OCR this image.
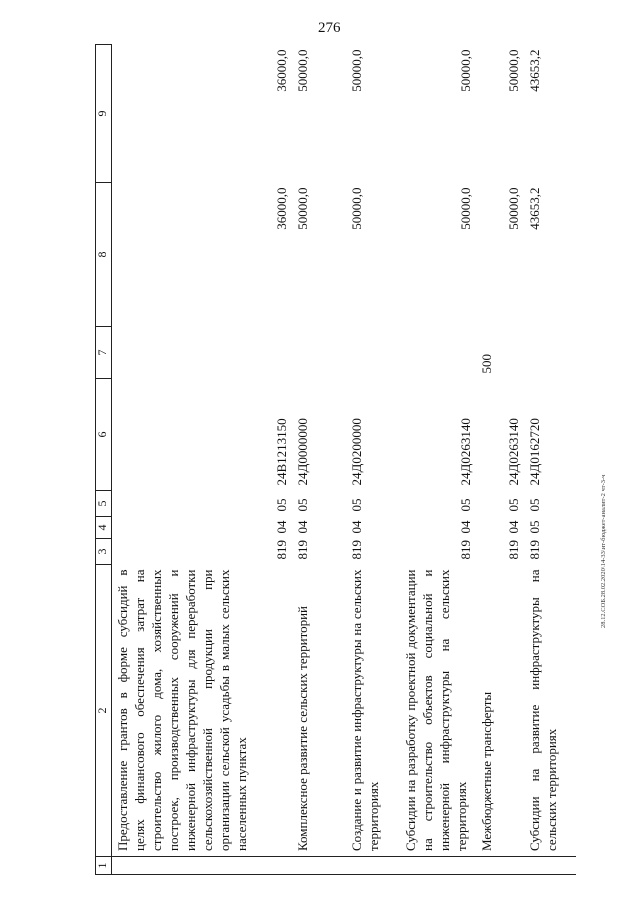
276
28.12.СОБ.28.02.2020\14-33\ит-бюджет-аналит-2 чт-3-ч
1	2	3	4	5	6	7	8	9
	Предоставление грантов в форме субсидий в целях финансового обеспечения затрат на строительство жилого дома, хозяйственных построек, производственных сооружений и инженерной инфраструктуры для переработки сельскохозяйственной продукции при организации сельской усадьбы в малых сельских населенных пунктах	819	04	05	24В1213150		36000,0	36000,0
	Комплексное развитие сельских территорий	819	04	05	24Д0000000		50000,0	50000,0
	Создание и развитие инфраструктуры на сельских территориях	819	04	05	24Д0200000		50000,0	50000,0
	Субсидии на разработку проектной документации на строительство объектов социальной и инженерной инфраструктуры на сельских территориях	819	04	05	24Д0263140		50000,0	50000,0
	Межбюджетные трансферты	819	04	05	24Д0263140	500	50000,0	50000,0
	Субсидии на развитие инфраструктуры на сельских территориях	819	05	05	24Д0162720		43653,2	43653,2
